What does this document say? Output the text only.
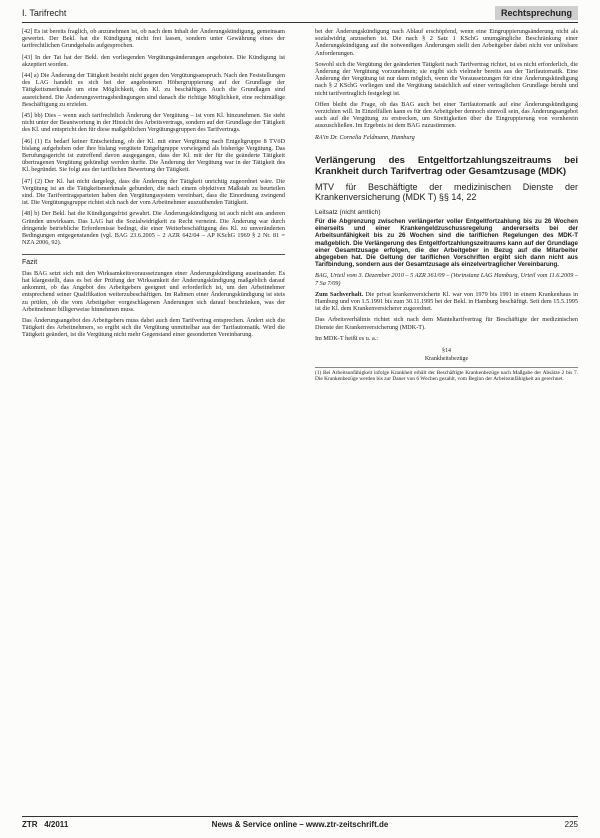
I. Tarifrecht	Rechtsprechung

[42] Es ist bereits fraglich, ob anzunehmen ist, ob nach dem Inhalt der Änderungskündigung, gemeinsam gewertet. Der Bekl. hat die Kündigung nicht frei lassen, sondern unter Gewährung eines der tarifrechtlichen Grundgehalts aufgesprochen.

[43] In der Tat hat der Bekl. den vorliegenden Vergütungsänderungen angeboten. Die Kündigung ist akzeptiert worden.

[44] a) Die Änderung der Tätigkeit besteht nicht gegen den Vergütungsanspruch. Nach den Feststellungen des LAG handelt es sich bei der angebotenen Höhergruppierung auf der Grundlage der Tätigkeitsmerkmale um eine Möglichkeit, den Kl. zu beschäftigen. Auch die Grundlagen sind ausreichend. Die Änderungsvertragsbedingungen sind danach die richtige Möglichkeit, eine rechtmäßige Beschäftigung zu erzielen.

[45] bb) Dies – wenn auch tarifrechtlich Änderung der Vergütung – ist vom Kl. hinzunehmen. Sie steht nicht unter der Beantwortung in der Hinsicht des Arbeitsvertrags, sondern auf der Grundlage der Tätigkeit des Kl. und entspricht den für diese maßgeblichen Vergütungsgruppen des Tarifvertrags.

[46] (1) Es bedarf keiner Entscheidung, ob der Kl. mit einer Vergütung nach Entgeltgruppe 8 TVöD bislang aufgehoben oder ihre bislang vergütete Entgeltgruppe vorwiegend als bisherige Vergütung. Das Berufungsgericht ist zutreffend davon ausgegangen, dass der Kl. mit der für die geänderte Tätigkeit übertragenen Vergütung gekündigt werden durfte. Die Änderung der Vergütung war in der Tätigkeit des Kl. begründet. Sie folgt aus der tariflichen Bewertung der Tätigkeit.

[47] (2) Der Kl. hat nicht dargelegt, dass die Änderung der Tätigkeit unrichtig zugeordnet wäre. Die Vergütung ist an die Tätigkeitsmerkmale gebunden, die nach einem objektiven Maßstab zu beurteilen sind. Die Tarifvertragsparteien haben den Vergütungssystem vereinbart, dass die Einordnung zwingend ist. Die Vergütungsgruppe richtet sich nach der vom Arbeitnehmer auszuübenden Tätigkeit.

[48] b) Der Bekl. hat die Kündigungsfrist gewahrt. Die Änderungskündigung ist auch nicht aus anderen Gründen unwirksam. Das LAG hat die Sozialwidrigkeit zu Recht verneint. Die Änderung war durch dringende betriebliche Erfordernisse bedingt, die einer Weiterbeschäftigung des Kl. zu unveränderten Bedingungen entgegenstanden (vgl. BAG 23.6.2005 – 2 AZR 642/04 – AP KSchG 1969 § 2 Nr. 81 = NZA 2006, 92).

Fazit

Das BAG setzt sich mit den Wirksamkeitsvoraussetzungen einer Änderungskündigung auseinander. Es hat klargestellt, dass es bei der Prüfung der Wirksamkeit der Änderungskündigung maßgeblich darauf ankommt, ob das Angebot des Arbeitgebers geeignet und erforderlich ist, um den Arbeitnehmer entsprechend seiner Qualifikation weiterzubeschäftigen. Im Rahmen einer Änderungskündigung ist stets zu prüfen, ob die vom Arbeitgeber vorgeschlagenen Änderungen sich darauf beschränken, was der Arbeitnehmer billigerweise hinnehmen muss.

Das Änderungsangebot des Arbeitgebers muss dabei auch dem Tarifvertrag entsprechen. Ändert sich die Tätigkeit des Arbeitnehmers, so ergibt sich die Vergütung unmittelbar aus der Tarifautomatik. Wird die Tätigkeit geändert, ist die Vergütung nicht mehr Gegenstand einer gesonderten Vereinbarung.

bei der Änderungskündigung nach Ablauf erschöpfend, wenn eine Eingruppierungsänderung nicht als sozialwidrig anzusehen ist. Die nach § 2 Satz 1 KSchG unumgängliche Beschränkung einer Änderungskündigung auf die notwendigen Änderungen stellt den Arbeitgeber dabei nicht vor unlösbare Anforderungen.

Sowohl sich die Vergütung der geänderten Tätigkeit nach Tarifvertrag richtet, ist es nicht erforderlich, die Änderung der Vergütung vorzunehmen; sie ergibt sich vielmehr bereits aus der Tarifautomatik. Eine Änderung der Vergütung ist nur dann möglich, wenn die Voraussetzungen für eine Änderungskündigung nach § 2 KSchG vorliegen und die Vergütung tatsächlich auf einer vertraglichen Grundlage beruht und nicht tarifvertraglich festgelegt ist.

Offen bleibt die Frage, ob das BAG auch bei einer Tarifautomatik auf eine Änderungskündigung verzichten will. In Einzelfällen kann es für den Arbeitgeber dennoch sinnvoll sein, das Änderungsangebot auch auf die Vergütung zu erstrecken, um Streitigkeiten über die Eingruppierung von vornherein auszuschließen. Im Ergebnis ist dem BAG zuzustimmen.

RA'in Dr. Cornelia Feldmann, Hamburg
Verlängerung des Entgeltfortzahlungszeitraums bei Krankheit durch Tarifvertrag oder Gesamtzusage (MDK)
MTV für Beschäftigte der medizinischen Dienste der Krankenversicherung (MDK T) §§ 14, 22
Leitsatz (nicht amtlich)

Für die Abgrenzung zwischen verlängerter voller Entgeltfortzahlung bis zu 26 Wochen einerseits und einer Krankengeldzuschussregelung andererseits bei der Arbeitsunfähigkeit bis zu 26 Wochen sind die tariflichen Regelungen des MDK-T maßgeblich. Die Verlängerung des Entgeltfortzahlungszeitraums kann auf der Grundlage einer Gesamtzusage erfolgen, die der Arbeitgeber in Bezug auf die Mitarbeiter abgegeben hat. Die Geltung der tariflichen Vorschriften ergibt sich dann nicht aus Tarifbindung, sondern aus der Gesamtzusage als einzelvertraglicher Vereinbarung.

BAG, Urteil vom 3. Dezember 2010 – 5 AZR 361/09 – (Vorinstanz LAG Hamburg, Urteil vom 11.6.2009 – 7 Sa 7/09)

Zum Sachverhalt. Die privat krankenversicherte Kl. war von 1979 bis 1991 in einem Krankenhaus in Hamburg und von 1.5.1991 bis zum 30.11.1995 bei der Bekl. in Hamburg beschäftigt. Seit dem 15.5.1995 ist die Kl. dem Krankenversicherer zugeordnet.

Das Arbeitsverhältnis richtet sich nach dem Manteltarifvertrag für Beschäftigte der medizinischen Dienste der Krankenversicherung (MDK-T).

Im MDK-T heißt es u. a.:

§14
Krankheitsbezüge

(1) Bei Arbeitsunfähigkeit infolge Krankheit erhält der Beschäftigte Krankenbezüge nach Maßgabe der Absätze 2 bis 7. Die Krankenbezüge werden bis zur Dauer von 6 Wochen gezahlt, vom Beginn der Arbeitsunfähigkeit an gerechnet.

ZTR 4/2011	News & Service online – www.ztr-zeitschrift.de	225
